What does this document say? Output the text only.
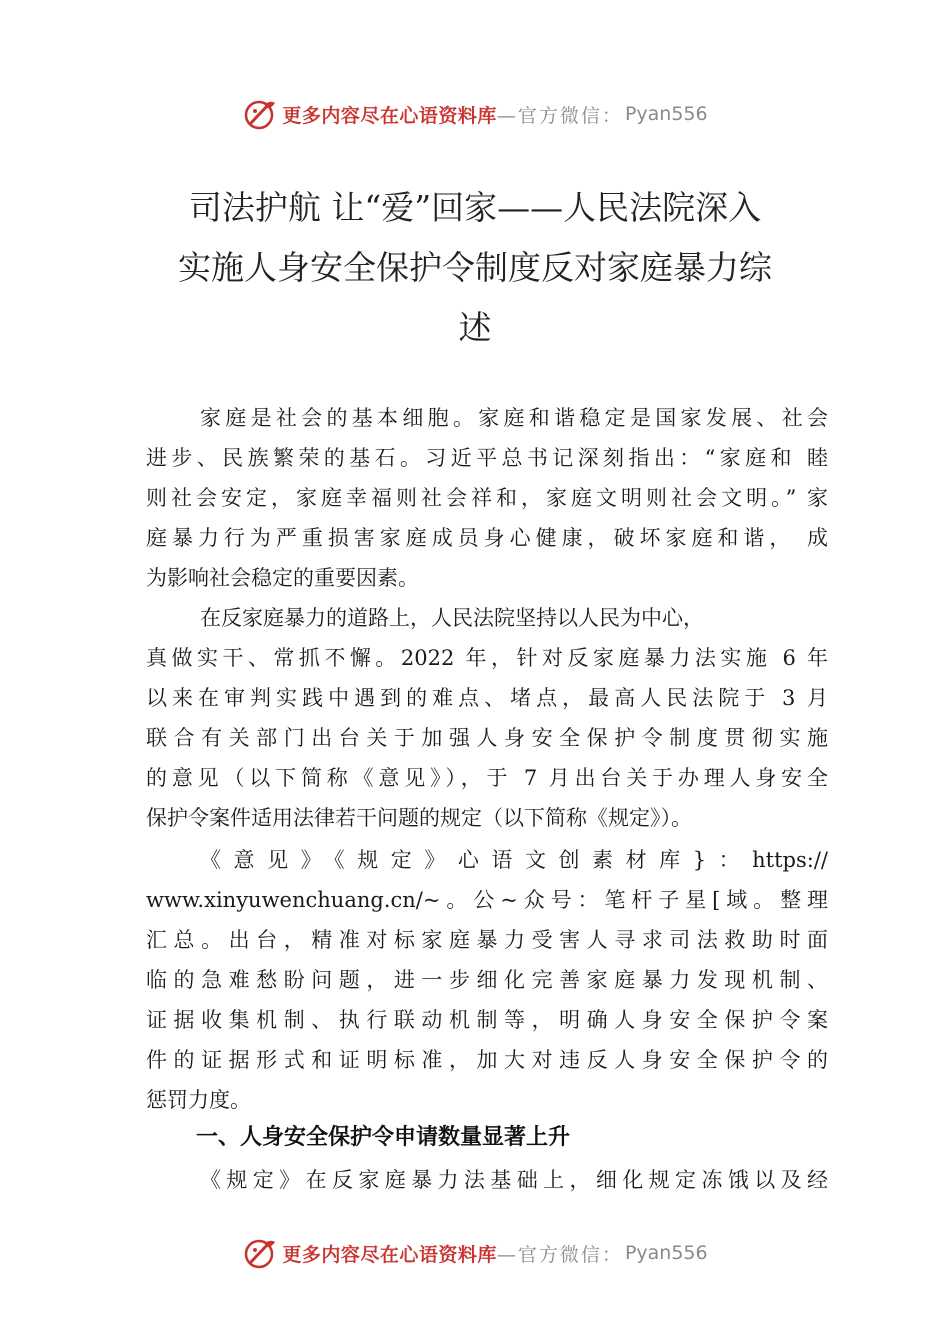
更多内容尽在心语资料库 —官方微信： Pyan556
司法护航 让“爱”回家——人民法院深入
实施人身安全保护令制度反对家庭暴力综
述
家庭是社会的基本细胞。家庭和谐稳定是国家发展、社会
进步、民族繁荣的基石。习近平总书记深刻指出：“家庭和 睦
则社会安定，家庭幸福则社会祥和，家庭文明则社会文明。” 家
庭暴力行为严重损害家庭成员身心健康，破坏家庭和谐， 成
为影响社会稳定的重要因素。
在反家庭暴力的道路上，人民法院坚持以人民为中心，
真做实干、常抓不懈。2022 年，针对反家庭暴力法实施 6 年
以来在审判实践中遇到的难点、堵点，最高人民法院于 3 月
联合有关部门出台关于加强人身安全保护令制度贯彻实施
的意见（以下简称《意见》），于 7 月出台关于办理人身安全
保护令案件适用法律若干问题的规定（以下简称《规定》）。
《意见》《规定》心语文创素材库}：https://
www.xinyuwenchuang.cn/~。公~众号：笔杆子星[域。整理
汇总。出台，精准对标家庭暴力受害人寻求司法救助时面
临的急难愁盼问题，进一步细化完善家庭暴力发现机制、
证据收集机制、执行联动机制等，明确人身安全保护令案
件的证据形式和证明标准，加大对违反人身安全保护令的
惩罚力度。
一、人身安全保护令申请数量显著上升
《规定》在反家庭暴力法基础上，细化规定冻饿以及经
更多内容尽在心语资料库 —官方微信： Pyan556
